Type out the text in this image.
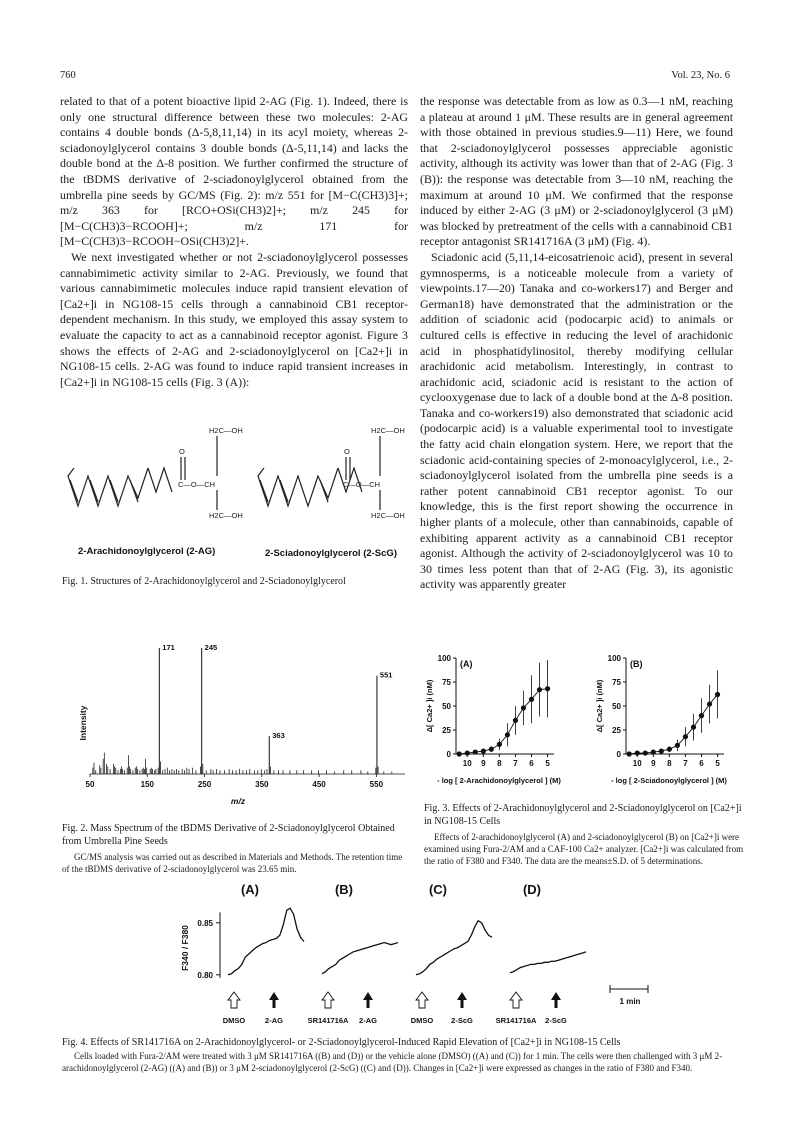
760	Vol. 23, No. 6

related to that of a potent bioactive lipid 2-AG (Fig. 1). Indeed, there is only one structural difference between these two molecules: 2-AG contains 4 double bonds (Δ-5,8,11,14) in its acyl moiety, whereas 2-sciadonoylglycerol contains 3 double bonds (Δ-5,11,14) and lacks the double bond at the Δ-8 position. We further confirmed the structure of the tBDMS derivative of 2-sciadonoylglycerol obtained from the umbrella pine seeds by GC/MS (Fig. 2): m/z 551 for [M−C(CH3)3]+; m/z 363 for [RCO+OSi(CH3)2]+; m/z 245 for [M−C(CH3)3−RCOOH]+; m/z 171 for [M−C(CH3)3−RCOOH−OSi(CH3)2]+.

We next investigated whether or not 2-sciadonoylglycerol possesses cannabimimetic activity similar to 2-AG. Previously, we found that various cannabimimetic molecules induce rapid transient elevation of [Ca2+]i in NG108-15 cells through a cannabinoid CB1 receptor-dependent mechanism. In this study, we employed this assay system to evaluate the capacity to act as a cannabinoid receptor agonist. Figure 3 shows the effects of 2-AG and 2-sciadonoylglycerol on [Ca2+]i in NG108-15 cells. 2-AG was found to induce rapid transient increases in [Ca2+]i in NG108-15 cells (Fig. 3 (A)):

the response was detectable from as low as 0.3—1 nM, reaching a plateau at around 1 μM. These results are in general agreement with those obtained in previous studies.9—11) Here, we found that 2-sciadonoylglycerol possesses appreciable agonistic activity, although its activity was lower than that of 2-AG (Fig. 3 (B)): the response was detectable from 3—10 nM, reaching the maximum at around 10 μM. We confirmed that the response induced by either 2-AG (3 μM) or 2-sciadonoylglycerol (3 μM) was blocked by pretreatment of the cells with a cannabinoid CB1 receptor antagonist SR141716A (3 μM) (Fig. 4).

Sciadonic acid (5,11,14-eicosatrienoic acid), present in several gymnosperms, is a noticeable molecule from a variety of viewpoints.17—20) Tanaka and co-workers17) and Berger and German18) have demonstrated that the administration or the addition of sciadonic acid (podocarpic acid) to animals or cultured cells is effective in reducing the level of arachidonic acid in phosphatidylinositol, thereby modifying cellular arachidonic acid metabolism. Interestingly, in contrast to arachidonic acid, sciadonic acid is resistant to the action of cyclooxygenase due to lack of a double bond at the Δ-8 position. Tanaka and co-workers19) also demonstrated that sciadonic acid (podocarpic acid) is a valuable experimental tool to investigate the fatty acid chain elongation system. Here, we report that the sciadonic acid-containing species of 2-monoacylglycerol, i.e., 2-sciadonoylglycerol isolated from the umbrella pine seeds is a rather potent cannabinoid CB1 receptor agonist. To our knowledge, this is the first report showing the occurrence in higher plants of a molecule, other than cannabinoids, capable of exhibiting apparent activity as a cannabinoid CB1 receptor agonist. Although the activity of 2-sciadonoylglycerol was 10 to 30 times less potent than that of 2-AG (Fig. 3), its agonistic activity was apparently greater

H2C—OH
O
C—O—CH
H2C—OH
2-Arachidonoylglycerol (2-AG)
H2C—OH
O
C—O—CH
H2C—OH
2-Sciadonoylglycerol (2-ScG)
Fig. 1. Structures of 2-Arachidonoylglycerol and 2-Sciadonoylglycerol
Intensity
171	245
363
551
50	150	250	350	450	550
m/z
Fig. 2. Mass Spectrum of the tBDMS Derivative of 2-Sciadonoylglycerol Obtained from Umbrella Pine Seeds
GC/MS analysis was carried out as described in Materials and Methods. The retention time of the tBDMS derivative of 2-sciadonoylglycerol was 23.65 min.
0
25
50
75
100
10 9 8 7 6 5
(A)
Δ[ Ca2+ ]i (nM)
- log [ 2-Arachidonoylglycerol ] (M)
0
25
50
75
100
10 9 8 7 6 5
(B)
Δ[ Ca2+ ]i (nM)
- log [ 2-Sciadonoylglycerol ] (M)
Fig. 3. Effects of 2-Arachidonoylglycerol and 2-Sciadonoylglycerol on [Ca2+]i in NG108-15 Cells
Effects of 2-arachidonoylglycerol (A) and 2-sciadonoylglycerol (B) on [Ca2+]i were examined using Fura-2/AM and a CAF-100 Ca2+ analyzer. [Ca2+]i was calculated from the ratio of F380 and F340. The data are the means±S.D. of 5 determinations.
F340 / F380
0.80
0.85
(A)
DMSO	2-AG
(B)
SR141716A 2-AG
(C)
DMSO 2-ScG
(D)
SR141716A 2-ScG
1 min
Fig. 4. Effects of SR141716A on 2-Arachidonoylglycerol- or 2-Sciadonoylglycerol-Induced Rapid Elevation of [Ca2+]i in NG108-15 Cells
Cells loaded with Fura-2/AM were treated with 3 μM SR141716A ((B) and (D)) or the vehicle alone (DMSO) ((A) and (C)) for 1 min. The cells were then challenged with 3 μM 2-arachidonoylglycerol (2-AG) ((A) and (B)) or 3 μM 2-sciadonoylglycerol (2-ScG) ((C) and (D)). Changes in [Ca2+]i were expressed as changes in the ratio of F380 and F340.
